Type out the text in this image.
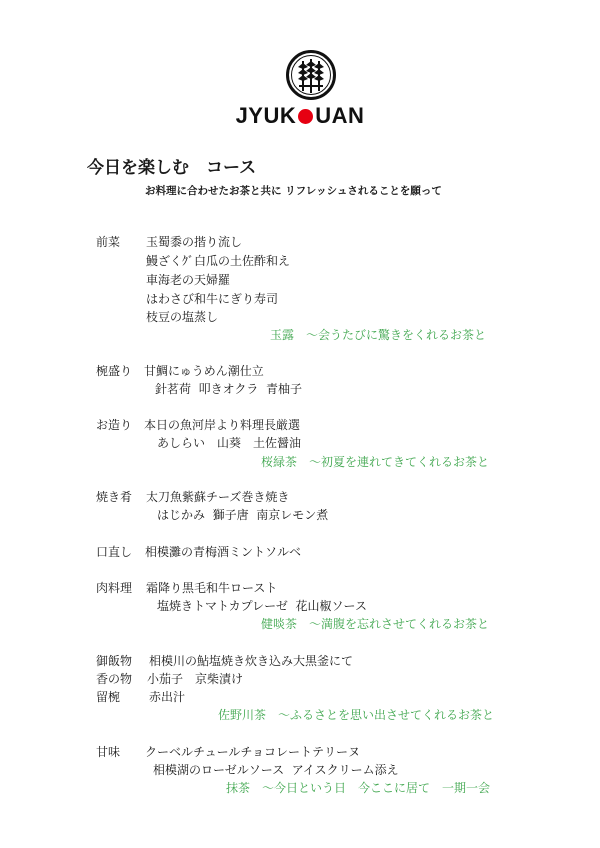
JYUK UAN
今日を楽しむ　コース
お料理に合わせたお茶と共に リフレッシュされることを願って
前菜 玉蜀黍の揩り流し
鰻ざくｸﾞ白瓜の土佐酢和え
車海老の天婦羅
はわさび和牛にぎり寿司
枝豆の塩蒸し
玉露　～会うたびに驚きをくれるお茶と
椀盛り 甘鯛にゅうめん潮仕立
針茗荷  叩きオクラ  青柚子
お造り 本日の魚河岸より料理長厳選
あしらい　山葵　土佐醤油
桜緑茶　～初夏を連れてきてくれるお茶と
焼き肴 太刀魚紫蘇チーズ巻き焼き
はじかみ  獅子唐  南京レモン煮
口直し 相模灘の青梅酒ミントソルベ
肉料理 霜降り黒毛和牛ロースト
塩焼きトマトカプレーゼ  花山椒ソース
健啖茶　～満腹を忘れさせてくれるお茶と
御飯物 相模川の鮎塩焼き炊き込み大黒釜にて
香の物 小茄子　京柴漬け
留椀 赤出汁
佐野川茶　～ふるさとを思い出させてくれるお茶と
甘味 クーベルチュールチョコレートテリーヌ
相模湖のローゼルソース  アイスクリーム添え
抹茶　～今日という日　今ここに居て　一期一会
